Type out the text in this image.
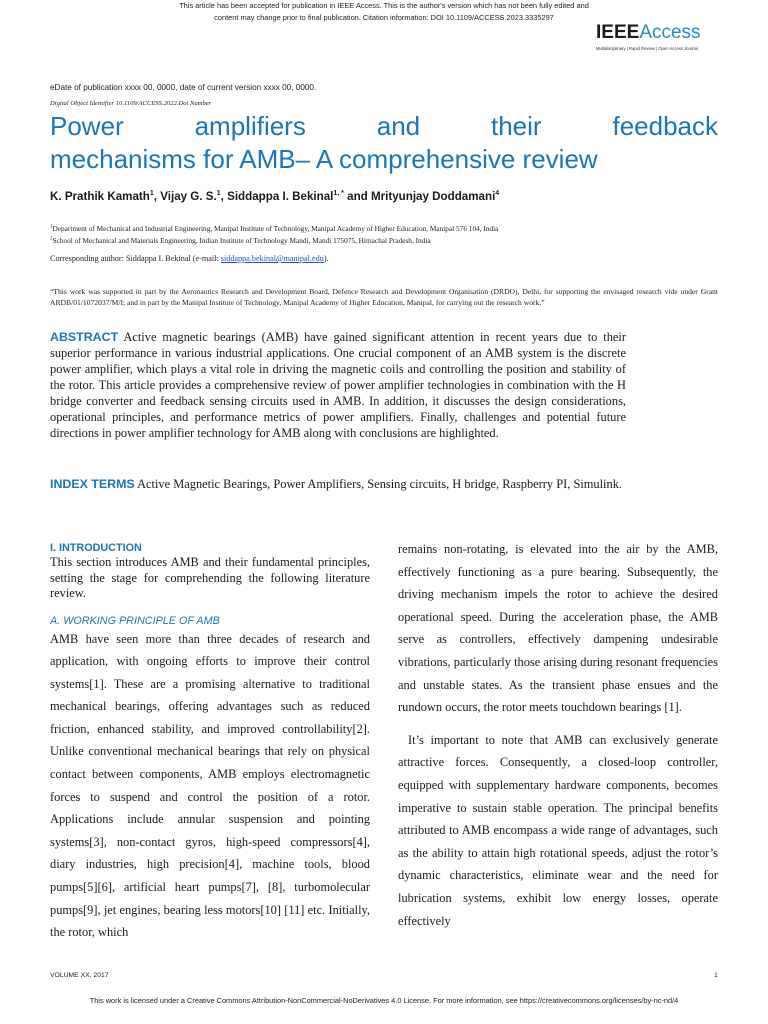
This article has been accepted for publication in IEEE Access. This is the author's version which has not been fully edited and
content may change prior to final publication. Citation information: DOI 10.1109/ACCESS.2023.3335297
IEEEAccess
Multidisciplinary | Rapid Review | Open Access Journal
eDate of publication xxxx 00, 0000, date of current version xxxx 00, 0000.
Digital Object Identifier 10.1109/ACCESS.2022.Doi Number
Power amplifiers and their feedback
mechanisms for AMB– A comprehensive review
K. Prathik Kamath$^1$, Vijay G. S.$^1$, Siddappa I. Bekinal$^{1, *}$ and Mrityunjay Doddamani$^4$
$^1$Department of Mechanical and Industrial Engineering, Manipal Institute of Technology, Manipal Academy of Higher Education, Manipal 576 104, India
$^2$School of Mechanical and Materials Engineering, Indian Institute of Technology Mandi, Mandi 175075, Himachal Pradesh, India
Corresponding author: Siddappa I. Bekinal (e-mail: siddappa.bekinal@manipal.edu).
“This work was supported in part by the Aeronautics Research and Development Board, Defence Research and Development Organisation (DRDO), Delhi, for supporting the envisaged research vide under Grant ARDB/01/1072037/M/I; and in part by the Manipal Institute of Technology, Manipal Academy of Higher Education, Manipal, for carrying out the research work.”
ABSTRACT Active magnetic bearings (AMB) have gained significant attention in recent years due to their superior performance in various industrial applications. One crucial component of an AMB system is the discrete power amplifier, which plays a vital role in driving the magnetic coils and controlling the position and stability of the rotor. This article provides a comprehensive review of power amplifier technologies in combination with the H bridge converter and feedback sensing circuits used in AMB. In addition, it discusses the design considerations, operational principles, and performance metrics of power amplifiers. Finally, challenges and potential future directions in power amplifier technology for AMB along with conclusions are highlighted.
INDEX TERMS Active Magnetic Bearings, Power Amplifiers, Sensing circuits, H bridge, Raspberry PI, Simulink.
I. INTRODUCTION
This section introduces AMB and their fundamental principles, setting the stage for comprehending the following literature review.
A. WORKING PRINCIPLE OF AMB
AMB have seen more than three decades of research and application, with ongoing efforts to improve their control systems[1]. These are a promising alternative to traditional mechanical bearings, offering advantages such as reduced friction, enhanced stability, and improved controllability[2]. Unlike conventional mechanical bearings that rely on physical contact between components, AMB employs electromagnetic forces to suspend and control the position of a rotor. Applications include annular suspension and pointing systems[3], non-contact gyros, high-speed compressors[4], diary industries, high precision[4], machine tools, blood pumps[5][6], artificial heart pumps[7], [8], turbomolecular pumps[9], jet engines, bearing less motors[10] [11] etc. Initially, the rotor, which
remains non-rotating, is elevated into the air by the AMB, effectively functioning as a pure bearing. Subsequently, the driving mechanism impels the rotor to achieve the desired operational speed. During the acceleration phase, the AMB serve as controllers, effectively dampening undesirable vibrations, particularly those arising during resonant frequencies and unstable states. As the transient phase ensues and the rundown occurs, the rotor meets touchdown bearings [1].
It’s important to note that AMB can exclusively generate attractive forces. Consequently, a closed-loop controller, equipped with supplementary hardware components, becomes imperative to sustain stable operation. The principal benefits attributed to AMB encompass a wide range of advantages, such as the ability to attain high rotational speeds, adjust the rotor’s dynamic characteristics, eliminate wear and the need for lubrication systems, exhibit low energy losses, operate effectively
VOLUME XX, 2017	1
This work is licensed under a Creative Commons Attribution-NonCommercial-NoDerivatives 4.0 License. For more information, see https://creativecommons.org/licenses/by-nc-nd/4
